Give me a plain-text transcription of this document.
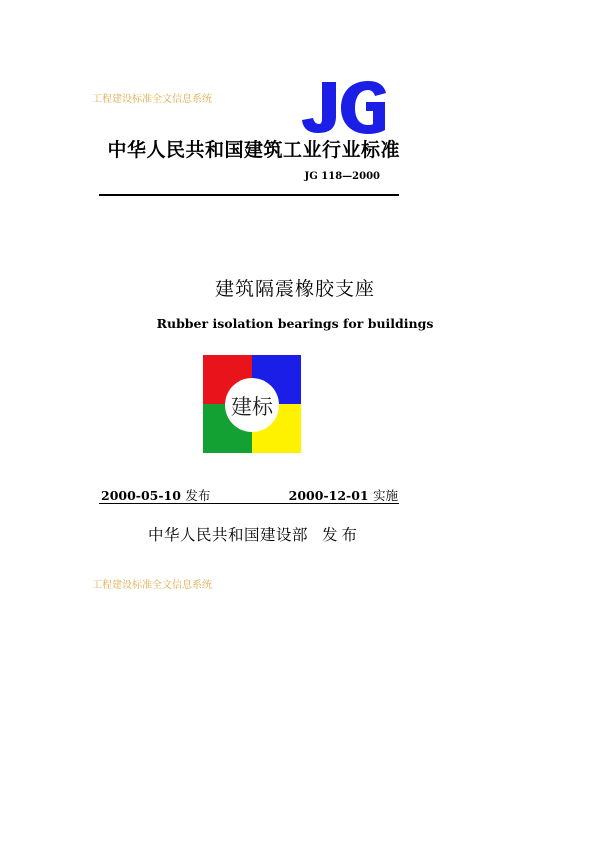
工程建设标准全文信息系统
中华人民共和国建筑工业行业标准
JG 118—2000
建筑隔震橡胶支座
Rubber isolation bearings for buildings
建标
2000-05-10 发布	2000-12-01 实施
中华人民共和国建设部 发布
工程建设标准全文信息系统
